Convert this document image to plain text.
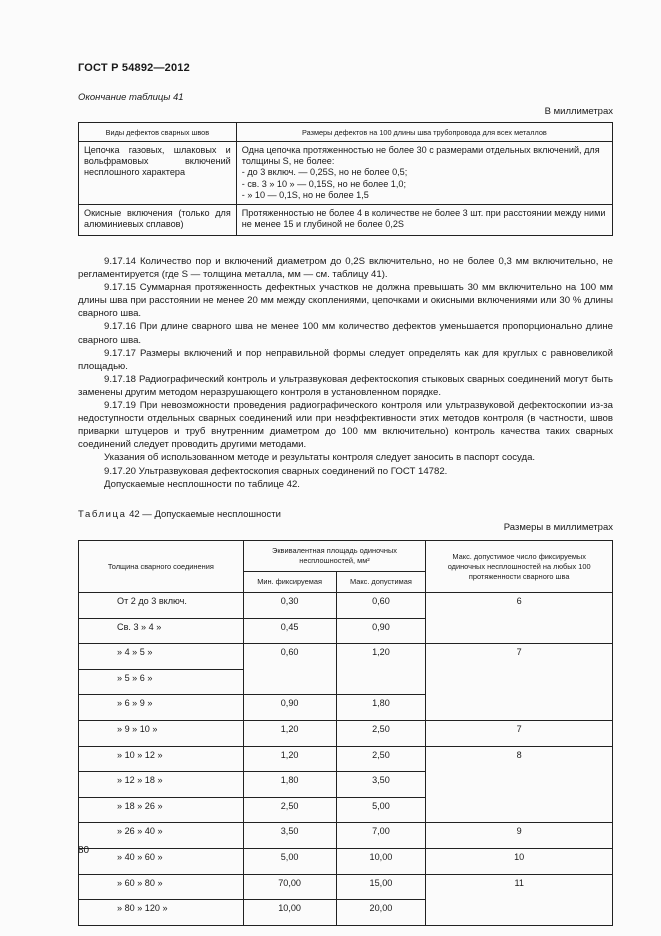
ГОСТ Р 54892—2012
Окончание таблицы 41
В миллиметрах
Виды дефектов сварных швов	Размеры дефектов на 100 длины шва трубопровода для всех металлов
Цепочка газовых, шлаковых и вольфрамовых включений несплошного характера	Одна цепочка протяженностью не более 30 с размерами отдельных включений, для толщины S, не более:
- до 3 включ. — 0,25S, но не более 0,5;
- св. 3 » 10 » — 0,15S, но не более 1,0;
- » 10 — 0,1S, но не более 1,5

Окисные включения (только для алюминиевых сплавов)	Протяженностью не более 4 в количестве не более 3 шт. при расстоянии между ними не менее 15 и глубиной не более 0,2S

9.17.14 Количество пор и включений диаметром до 0,2S включительно, но не более 0,3 мм включительно, не регламентируется (где S — толщина металла, мм — см. таблицу 41).

9.17.15 Суммарная протяженность дефектных участков не должна превышать 30 мм включительно на 100 мм длины шва при расстоянии не менее 20 мм между скоплениями, цепочками и окисными включениями или 30 % длины сварного шва.

9.17.16 При длине сварного шва не менее 100 мм количество дефектов уменьшается пропорционально длине сварного шва.

9.17.17 Размеры включений и пор неправильной формы следует определять как для круглых с равновеликой площадью.

9.17.18 Радиографический контроль и ультразвуковая дефектоскопия стыковых сварных соединений могут быть заменены другим методом неразрушающего контроля в установленном порядке.

9.17.19 При невозможности проведения радиографического контроля или ультразвуковой дефектоскопии из-за недоступности отдельных сварных соединений или при неэффективности этих методов контроля (в частности, швов приварки штуцеров и труб внутренним диаметром до 100 мм включительно) контроль качества таких сварных соединений следует проводить другими методами.

Указания об использованном методе и результаты контроля следует заносить в паспорт сосуда.

9.17.20 Ультразвуковая дефектоскопия сварных соединений по ГОСТ 14782.

Допускаемые несплошности по таблице 42.

Таблица 42 — Допускаемые несплошности
Размеры в миллиметрах
Толщина сварного соединения	Эквивалентная площадь одиночных несплошностей, мм²		Макс. допустимое число фиксируемых одиночных несплошностей на любых 100 протяженности сварного шва
	Мин. фиксируемая	Макс. допустимая	
От 2 до 3 включ.	0,30	0,60	6
Св. 3 » 4 »	0,45	0,90	
» 4 » 5 »	0,60	1,20	7
» 5 » 6 »			
» 6 » 9 »	0,90	1,80	
» 9 » 10 »	1,20	2,50	7
» 10 » 12 »	1,20	2,50	8
» 12 » 18 »	1,80	3,50	
» 18 » 26 »	2,50	5,00	
» 26 » 40 »	3,50	7,00	9
» 40 » 60 »	5,00	10,00	10
» 60 » 80 »	70,00	15,00	11
» 80 » 120 »	10,00	20,00	
80
